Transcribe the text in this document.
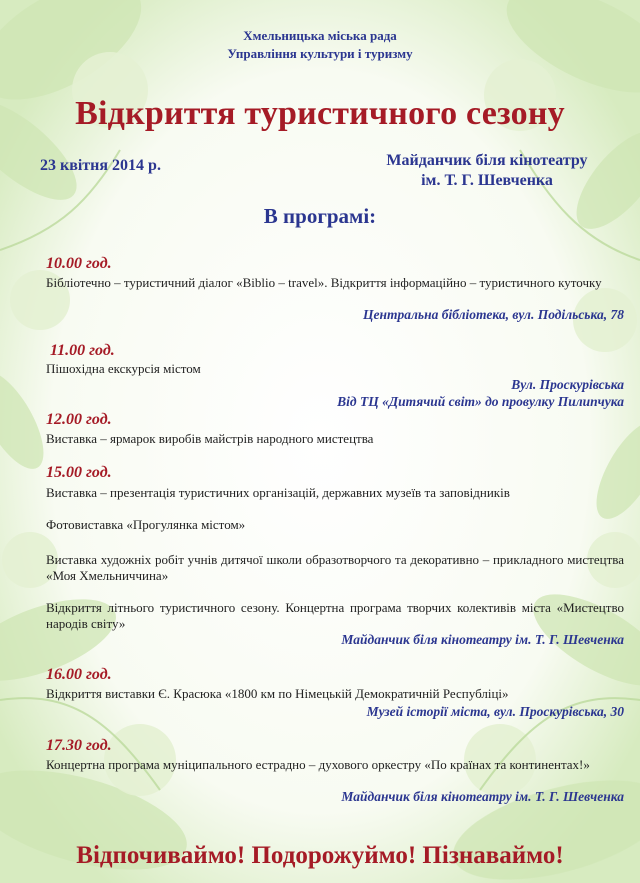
Хмельницька міська рада
Управління культури і туризму
Відкриття туристичного сезону
23 квітня 2014 р.	Майданчик біля кінотеатру
ім. Т. Г. Шевченка
В програмі:
10.00 год.
Бібліотечно – туристичний діалог «Biblio – travel». Відкриття інформаційно – туристичного куточку
Центральна бібліотека, вул. Подільська, 78
11.00 год.
Пішохідна екскурсія містом
Вул. Проскурівська
Від ТЦ «Дитячий світ» до провулку Пилипчука
12.00 год.
Виставка – ярмарок виробів майстрів народного мистецтва
15.00 год.
Виставка – презентація туристичних організацій, державних музеїв та заповідників
Фотовиставка «Прогулянка містом»
Виставка художніх робіт учнів дитячої школи образотворчого та декоративно – прикладного мистецтва «Моя Хмельниччина»
Відкриття літнього туристичного сезону. Концертна програма творчих колективів міста «Мистецтво народів світу»
Майданчик біля кінотеатру ім. Т. Г. Шевченка
16.00 год.
Відкриття виставки Є. Красюка «1800 км по Німецькій Демократичній Республіці»
Музей історії міста, вул. Проскурівська, 30
17.30 год.
Концертна програма муніципального естрадно – духового оркестру «По країнах та континентах!»
Майданчик біля кінотеатру ім. Т. Г. Шевченка
Відпочиваймо! Подорожуймо! Пізнаваймо!
